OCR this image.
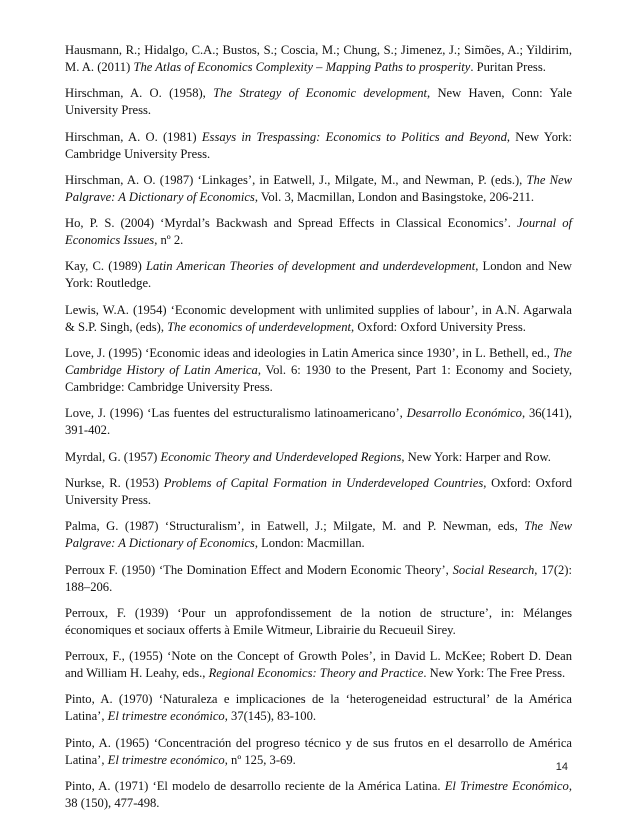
Hausmann, R.; Hidalgo, C.A.; Bustos, S.; Coscia, M.; Chung, S.; Jimenez, J.; Simões, A.; Yildirim, M. A. (2011) The Atlas of Economics Complexity – Mapping Paths to prosperity. Puritan Press.

Hirschman, A. O. (1958), The Strategy of Economic development, New Haven, Conn: Yale University Press.

Hirschman, A. O. (1981) Essays in Trespassing: Economics to Politics and Beyond, New York: Cambridge University Press.

Hirschman, A. O. (1987) ‘Linkages’, in Eatwell, J., Milgate, M., and Newman, P. (eds.), The New Palgrave: A Dictionary of Economics, Vol. 3, Macmillan, London and Basingstoke, 206-211.

Ho, P. S. (2004) ‘Myrdal’s Backwash and Spread Effects in Classical Economics’. Journal of Economics Issues, nº 2.

Kay, C. (1989) Latin American Theories of development and underdevelopment, London and New York: Routledge.

Lewis, W.A. (1954) ‘Economic development with unlimited supplies of labour’, in A.N. Agarwala & S.P. Singh, (eds), The economics of underdevelopment, Oxford: Oxford University Press.

Love, J. (1995) ‘Economic ideas and ideologies in Latin America since 1930’, in L. Bethell, ed., The Cambridge History of Latin America, Vol. 6: 1930 to the Present, Part 1: Economy and Society, Cambridge: Cambridge University Press.

Love, J. (1996) ‘Las fuentes del estructuralismo latinoamericano’, Desarrollo Económico, 36(141), 391-402.

Myrdal, G. (1957) Economic Theory and Underdeveloped Regions, New York: Harper and Row.

Nurkse, R. (1953) Problems of Capital Formation in Underdeveloped Countries, Oxford: Oxford University Press.

Palma, G. (1987) ‘Structuralism’, in Eatwell, J.; Milgate, M. and P. Newman, eds, The New Palgrave: A Dictionary of Economics, London: Macmillan.

Perroux F. (1950) ‘The Domination Effect and Modern Economic Theory’, Social Research, 17(2): 188–206.

Perroux, F. (1939) ‘Pour un approfondissement de la notion de structure’, in: Mélanges économiques et sociaux offerts à Emile Witmeur, Librairie du Recueuil Sirey.

Perroux, F., (1955) ‘Note on the Concept of Growth Poles’, in David L. McKee; Robert D. Dean and William H. Leahy, eds., Regional Economics: Theory and Practice. New York: The Free Press.

Pinto, A. (1970) ‘Naturaleza e implicaciones de la ‘heterogeneidad estructural’ de la América Latina’, El trimestre económico, 37(145), 83-100.

Pinto, A. (1965) ‘Concentración del progreso técnico y de sus frutos en el desarrollo de América Latina’, El trimestre económico, nº 125, 3-69.

Pinto, A. (1971) ‘El modelo de desarrollo reciente de la América Latina. El Trimestre Económico, 38 (150), 477-498.

14
